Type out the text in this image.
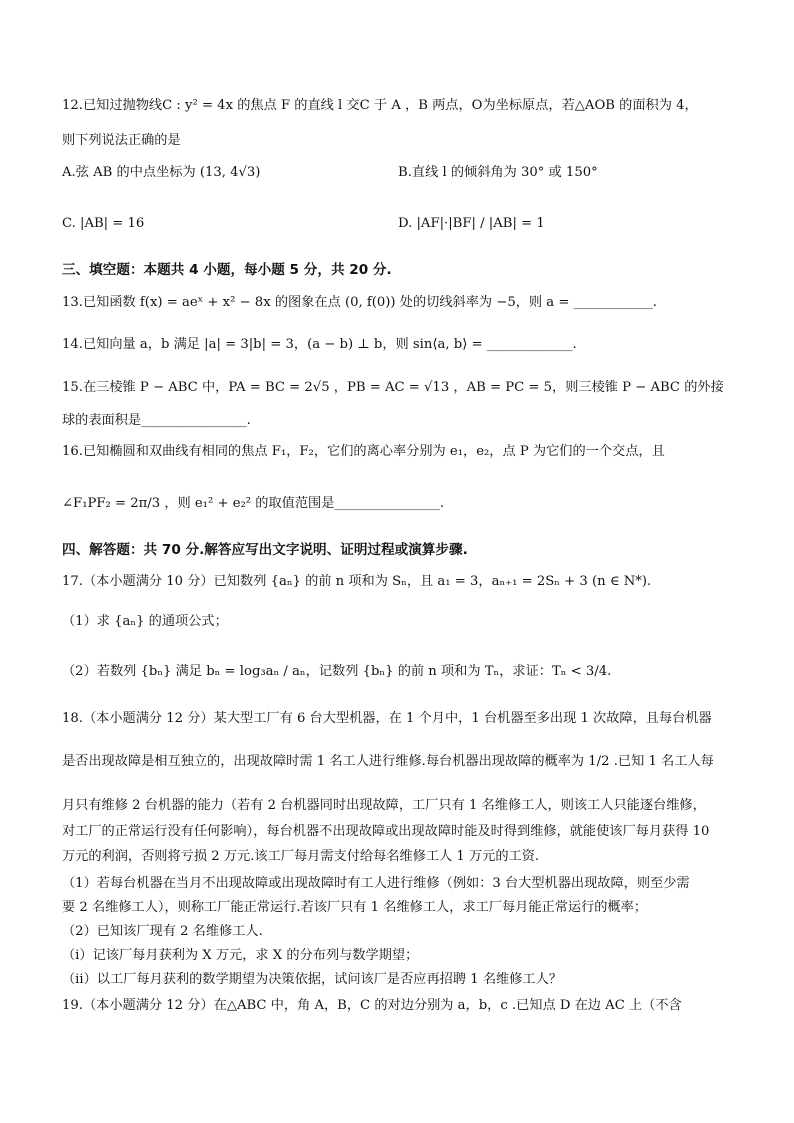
12.已知过抛物线C : y² = 4x 的焦点 F 的直线 l 交C 于 A ，B 两点，O为坐标原点，若△AOB 的面积为 4，
则下列说法正确的是
A.弦 AB 的中点坐标为 (13, 4√3)	B.直线 l 的倾斜角为 30° 或 150°
C. |AB| = 16	D. |AF|·|BF| / |AB| = 1
三、填空题：本题共 4 小题，每小题 5 分，共 20 分.
13.已知函数 f(x) = aeˣ + x² − 8x 的图象在点 (0, f(0)) 处的切线斜率为 −5，则 a = ____________.
14.已知向量 a，b 满足 |a| = 3|b| = 3，(a − b) ⊥ b，则 sin⟨a, b⟩ = _____________.
15.在三棱锥 P − ABC 中，PA = BC = 2√5 ，PB = AC = √13 ，AB = PC = 5，则三棱锥 P − ABC 的外接
球的表面积是________________.
16.已知椭圆和双曲线有相同的焦点 F₁，F₂，它们的离心率分别为 e₁，e₂，点 P 为它们的一个交点，且
∠F₁PF₂ = 2π/3 ，则 e₁² + e₂² 的取值范围是________________.
四、解答题：共 70 分.解答应写出文字说明、证明过程或演算步骤.
17.（本小题满分 10 分）已知数列 {aₙ} 的前 n 项和为 Sₙ，且 a₁ = 3，aₙ₊₁ = 2Sₙ + 3 (n ∈ N*).
（1）求 {aₙ} 的通项公式；
（2）若数列 {bₙ} 满足 bₙ = log₃aₙ / aₙ，记数列 {bₙ} 的前 n 项和为 Tₙ，求证：Tₙ < 3/4.
18.（本小题满分 12 分）某大型工厂有 6 台大型机器，在 1 个月中，1 台机器至多出现 1 次故障，且每台机器
是否出现故障是相互独立的，出现故障时需 1 名工人进行维修.每台机器出现故障的概率为 1/2 .已知 1 名工人每
月只有维修 2 台机器的能力（若有 2 台机器同时出现故障，工厂只有 1 名维修工人，则该工人只能逐台维修，
对工厂的正常运行没有任何影响），每台机器不出现故障或出现故障时能及时得到维修，就能使该厂每月获得 10
万元的利润，否则将亏损 2 万元.该工厂每月需支付给每名维修工人 1 万元的工资.
（1）若每台机器在当月不出现故障或出现故障时有工人进行维修（例如：3 台大型机器出现故障，则至少需
要 2 名维修工人），则称工厂能正常运行.若该厂只有 1 名维修工人，求工厂每月能正常运行的概率；
（2）已知该厂现有 2 名维修工人.
（ⅰ）记该厂每月获利为 X 万元，求 X 的分布列与数学期望；
（ⅱ）以工厂每月获利的数学期望为决策依据，试问该厂是否应再招聘 1 名维修工人？
19.（本小题满分 12 分）在△ABC 中，角 A，B，C 的对边分别为 a，b，c .已知点 D 在边 AC 上（不含
